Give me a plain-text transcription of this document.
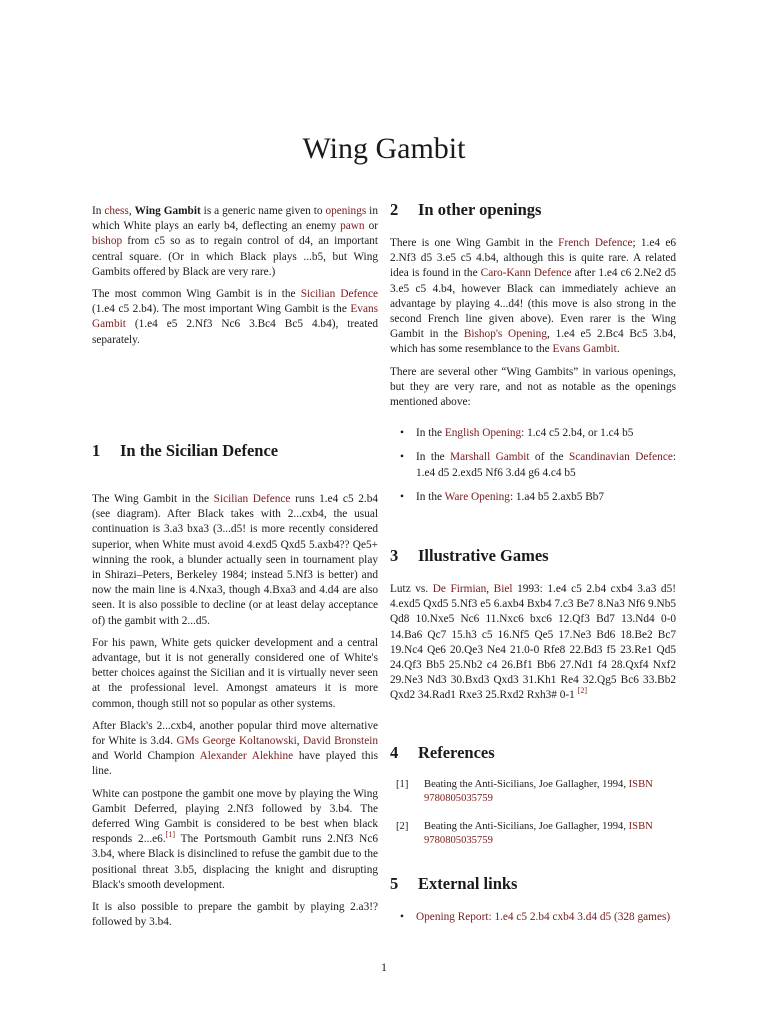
Wing Gambit

In chess, Wing Gambit is a generic name given to openings in which White plays an early b4, deflecting an enemy pawn or bishop from c5 so as to regain control of d4, an important central square. (Or in which Black plays ...b5, but Wing Gambits offered by Black are very rare.)

The most common Wing Gambit is in the Sicilian Defence (1.e4 c5 2.b4). The most important Wing Gambit is the Evans Gambit (1.e4 e5 2.Nf3 Nc6 3.Bc4 Bc5 4.b4), treated separately.

1 In the Sicilian Defence

The Wing Gambit in the Sicilian Defence runs 1.e4 c5 2.b4 (see diagram). After Black takes with 2...cxb4, the usual continuation is 3.a3 bxa3 (3...d5! is more recently considered superior, when White must avoid 4.exd5 Qxd5 5.axb4?? Qe5+ winning the rook, a blunder actually seen in tournament play in Shirazi–Peters, Berkeley 1984; instead 5.Nf3 is better) and now the main line is 4.Nxa3, though 4.Bxa3 and 4.d4 are also seen. It is also possible to decline (or at least delay acceptance of) the gambit with 2...d5.

For his pawn, White gets quicker development and a central advantage, but it is not generally considered one of White's better choices against the Sicilian and it is virtually never seen at the professional level. Amongst amateurs it is more common, though still not so popular as other systems.

After Black's 2...cxb4, another popular third move alternative for White is 3.d4. GMs George Koltanowski, David Bronstein and World Champion Alexander Alekhine have played this line.

White can postpone the gambit one move by playing the Wing Gambit Deferred, playing 2.Nf3 followed by 3.b4. The deferred Wing Gambit is considered to be best when black responds 2...e6.[1] The Portsmouth Gambit runs 2.Nf3 Nc6 3.b4, where Black is disinclined to refuse the gambit due to the positional threat 3.b5, displacing the knight and disrupting Black's smooth development.

It is also possible to prepare the gambit by playing 2.a3!? followed by 3.b4.

2 In other openings

There is one Wing Gambit in the French Defence; 1.e4 e6 2.Nf3 d5 3.e5 c5 4.b4, although this is quite rare. A related idea is found in the Caro-Kann Defence after 1.e4 c6 2.Ne2 d5 3.e5 c5 4.b4, however Black can immediately achieve an advantage by playing 4...d4! (this move is also strong in the second French line given above). Even rarer is the Wing Gambit in the Bishop's Opening, 1.e4 e5 2.Bc4 Bc5 3.b4, which has some resemblance to the Evans Gambit.

There are several other “Wing Gambits” in various openings, but they are very rare, and not as notable as the openings mentioned above:

• In the English Opening: 1.c4 c5 2.b4, or 1.c4 b5
• In the Marshall Gambit of the Scandinavian Defence: 1.e4 d5 2.exd5 Nf6 3.d4 g6 4.c4 b5
• In the Ware Opening: 1.a4 b5 2.axb5 Bb7
3 Illustrative Games

Lutz vs. De Firmian, Biel 1993: 1.e4 c5 2.b4 cxb4 3.a3 d5! 4.exd5 Qxd5 5.Nf3 e5 6.axb4 Bxb4 7.c3 Be7 8.Na3 Nf6 9.Nb5 Qd8 10.Nxe5 Nc6 11.Nxc6 bxc6 12.Qf3 Bd7 13.Nd4 0-0 14.Ba6 Qc7 15.h3 c5 16.Nf5 Qe5 17.Ne3 Bd6 18.Be2 Bc7 19.Nc4 Qe6 20.Qe3 Ne4 21.0-0 Rfe8 22.Bd3 f5 23.Re1 Qd5 24.Qf3 Bb5 25.Nb2 c4 26.Bf1 Bb6 27.Nd1 f4 28.Qxf4 Nxf2 29.Ne3 Nd3 30.Bxd3 Qxd3 31.Kh1 Re4 32.Qg5 Bc6 33.Bb2 Qxd2 34.Rad1 Rxe3 25.Rxd2 Rxh3# 0-1 [2]

4 References
[1] Beating the Anti-Sicilians, Joe Gallagher, 1994, ISBN 9780805035759
[2] Beating the Anti-Sicilians, Joe Gallagher, 1994, ISBN 9780805035759
5 External links
• Opening Report: 1.e4 c5 2.b4 cxb4 3.d4 d5 (328 games)
1
